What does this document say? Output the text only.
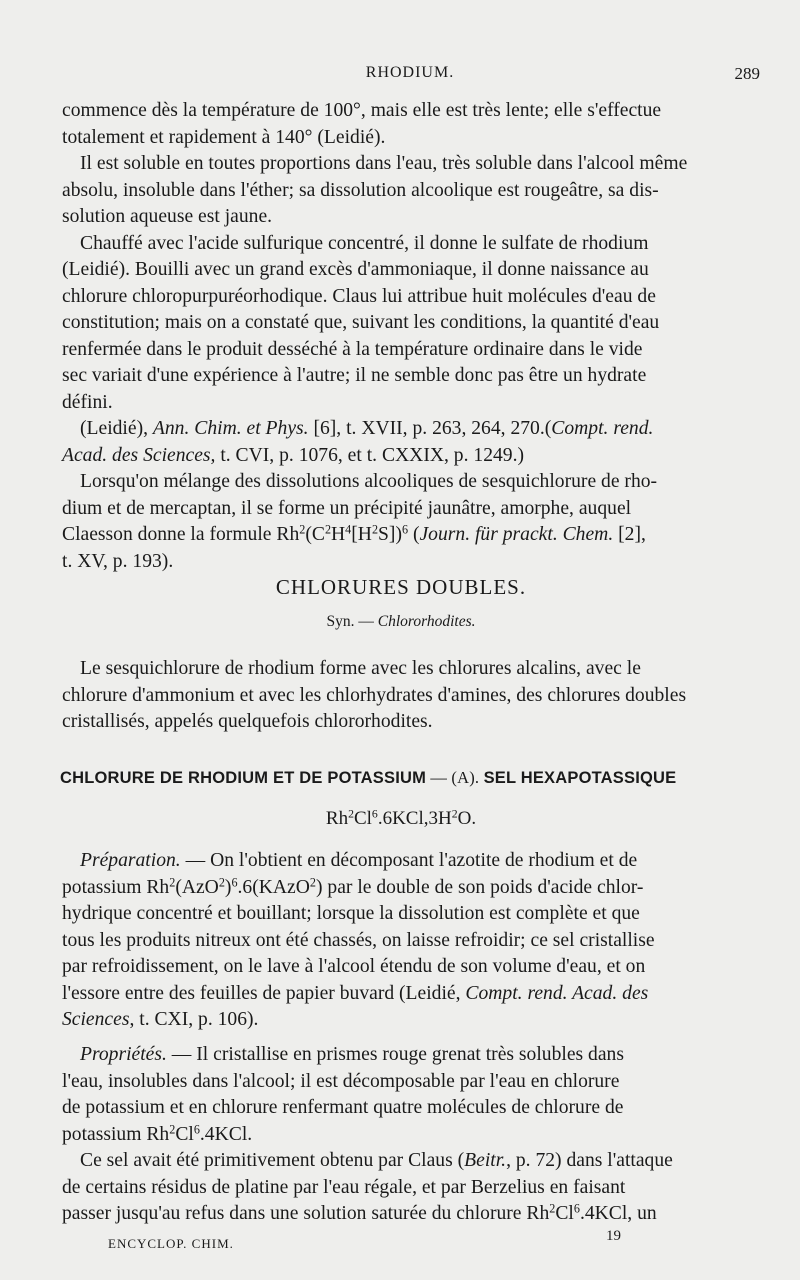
RHODIUM.	289

commence dès la température de 100°, mais elle est très lente; elle s'effectue

totalement et rapidement à 140° (Leidié).

Il est soluble en toutes proportions dans l'eau, très soluble dans l'alcool même

absolu, insoluble dans l'éther; sa dissolution alcoolique est rougeâtre, sa dis-

solution aqueuse est jaune.

Chauffé avec l'acide sulfurique concentré, il donne le sulfate de rhodium

(Leidié). Bouilli avec un grand excès d'ammoniaque, il donne naissance au

chlorure chloropurpuréorhodique. Claus lui attribue huit molécules d'eau de

constitution; mais on a constaté que, suivant les conditions, la quantité d'eau

renfermée dans le produit desséché à la température ordinaire dans le vide

sec variait d'une expérience à l'autre; il ne semble donc pas être un hydrate

défini.

(Leidié), Ann. Chim. et Phys. [6], t. XVII, p. 263, 264, 270.(Compt. rend.

Acad. des Sciences, t. CVI, p. 1076, et t. CXXIX, p. 1249.)

Lorsqu'on mélange des dissolutions alcooliques de sesquichlorure de rho-

dium et de mercaptan, il se forme un précipité jaunâtre, amorphe, auquel

Claesson donne la formule $Rh^2(C^2H^4[H^2S])^6$ (Journ. für prackt. Chem. [2],

t. XV, p. 193).

CHLORURES DOUBLES.
Syn. — Chlororhodites.

Le sesquichlorure de rhodium forme avec les chlorures alcalins, avec le

chlorure d'ammonium et avec les chlorhydrates d'amines, des chlorures doubles

cristallisés, appelés quelquefois chlororhodites.

CHLORURE DE RHODIUM ET DE POTASSIUM — (A). SEL HEXAPOTASSIQUE
$Rh^2Cl^6.6KCl,3H^2O$.

Préparation. — On l'obtient en décomposant l'azotite de rhodium et de

potassium $Rh^2(AzO^2)^6.6(KAzO^2)$ par le double de son poids d'acide chlor-

hydrique concentré et bouillant; lorsque la dissolution est complète et que

tous les produits nitreux ont été chassés, on laisse refroidir; ce sel cristallise

par refroidissement, on le lave à l'alcool étendu de son volume d'eau, et on

l'essore entre des feuilles de papier buvard (Leidié, Compt. rend. Acad. des

Sciences, t. CXI, p. 106).

Propriétés. — Il cristallise en prismes rouge grenat très solubles dans

l'eau, insolubles dans l'alcool; il est décomposable par l'eau en chlorure

de potassium et en chlorure renfermant quatre molécules de chlorure de

potassium Rh$^2$Cl$^6$.4KCl.

Ce sel avait été primitivement obtenu par Claus (Beitr., p. 72) dans l'attaque

de certains résidus de platine par l'eau régale, et par Berzelius en faisant

passer jusqu'au refus dans une solution saturée du chlorure Rh$^2$Cl$^6$.4KCl, un

ENCYCLOP. CHIM.	19
